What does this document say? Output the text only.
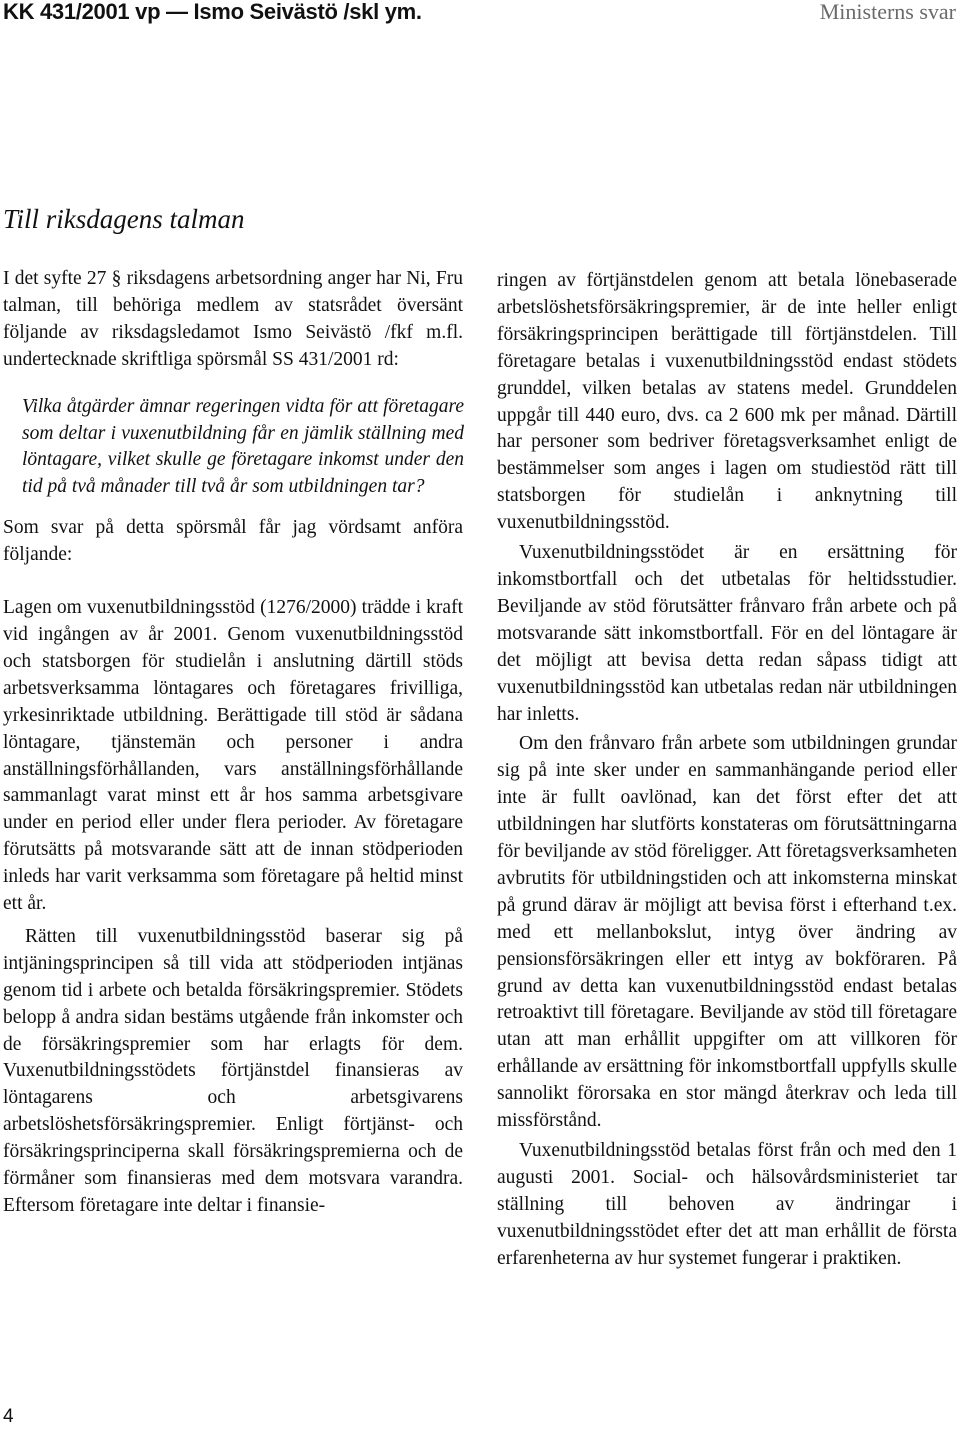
KK 431/2001 vp — Ismo Seivästö /skl ym.	Ministerns svar
Till riksdagens talman

I det syfte 27 § riksdagens arbetsordning anger har Ni, Fru talman, till behöriga medlem av statsrådet översänt följande av riksdagsledamot Ismo Seivästö /fkf m.fl. undertecknade skriftliga spörsmål SS 431/2001 rd:

Vilka åtgärder ämnar regeringen vidta för att företagare som deltar i vuxenutbildning får en jämlik ställning med löntagare, vilket skulle ge företagare inkomst under den tid på två månader till två år som utbildningen tar?

Som svar på detta spörsmål får jag vördsamt anföra följande:

Lagen om vuxenutbildningsstöd (1276/2000) trädde i kraft vid ingången av år 2001. Genom vuxenutbildningsstöd och statsborgen för studielån i anslutning därtill stöds arbetsverksamma löntagares och företagares frivilliga, yrkesinriktade utbildning. Berättigade till stöd är sådana löntagare, tjänstemän och personer i andra anställningsförhållanden, vars anställningsförhållande sammanlagt varat minst ett år hos samma arbetsgivare under en period eller under flera perioder. Av företagare förutsätts på motsvarande sätt att de innan stödperioden inleds har varit verksamma som företagare på heltid minst ett år.

Rätten till vuxenutbildningsstöd baserar sig på intjäningsprincipen så till vida att stödperioden intjänas genom tid i arbete och betalda försäkringspremier. Stödets belopp å andra sidan bestäms utgående från inkomster och de försäkringspremier som har erlagts för dem. Vuxenutbildningsstödets förtjänstdel finansieras av löntagarens och arbetsgivarens arbetslöshetsförsäkringspremier. Enligt förtjänst- och försäkringsprinciperna skall försäkringspremierna och de förmåner som finansieras med dem motsvara varandra. Eftersom företagare inte deltar i finansie-

ringen av förtjänstdelen genom att betala lönebaserade arbetslöshetsförsäkringspremier, är de inte heller enligt försäkringsprincipen berättigade till förtjänstdelen. Till företagare betalas i vuxenutbildningsstöd endast stödets grunddel, vilken betalas av statens medel. Grunddelen uppgår till 440 euro, dvs. ca 2 600 mk per månad. Därtill har personer som bedriver företagsverksamhet enligt de bestämmelser som anges i lagen om studiestöd rätt till statsborgen för studielån i anknytning till vuxenutbildningsstöd.

Vuxenutbildningsstödet är en ersättning för inkomstbortfall och det utbetalas för heltidsstudier. Beviljande av stöd förutsätter frånvaro från arbete och på motsvarande sätt inkomstbortfall. För en del löntagare är det möjligt att bevisa detta redan såpass tidigt att vuxenutbildningsstöd kan utbetalas redan när utbildningen har inletts.

Om den frånvaro från arbete som utbildningen grundar sig på inte sker under en sammanhängande period eller inte är fullt oavlönad, kan det först efter det att utbildningen har slutförts konstateras om förutsättningarna för beviljande av stöd föreligger. Att företagsverksamheten avbrutits för utbildningstiden och att inkomsterna minskat på grund därav är möjligt att bevisa först i efterhand t.ex. med ett mellanbokslut, intyg över ändring av pensionsförsäkringen eller ett intyg av bokföraren. På grund av detta kan vuxenutbildningsstöd endast betalas retroaktivt till företagare. Beviljande av stöd till företagare utan att man erhållit uppgifter om att villkoren för erhållande av ersättning för inkomstbortfall uppfylls skulle sannolikt förorsaka en stor mängd återkrav och leda till missförstånd.

Vuxenutbildningsstöd betalas först från och med den 1 augusti 2001. Social- och hälsovårdsministeriet tar ställning till behoven av ändringar i vuxenutbildningsstödet efter det att man erhållit de första erfarenheterna av hur systemet fungerar i praktiken.

4
